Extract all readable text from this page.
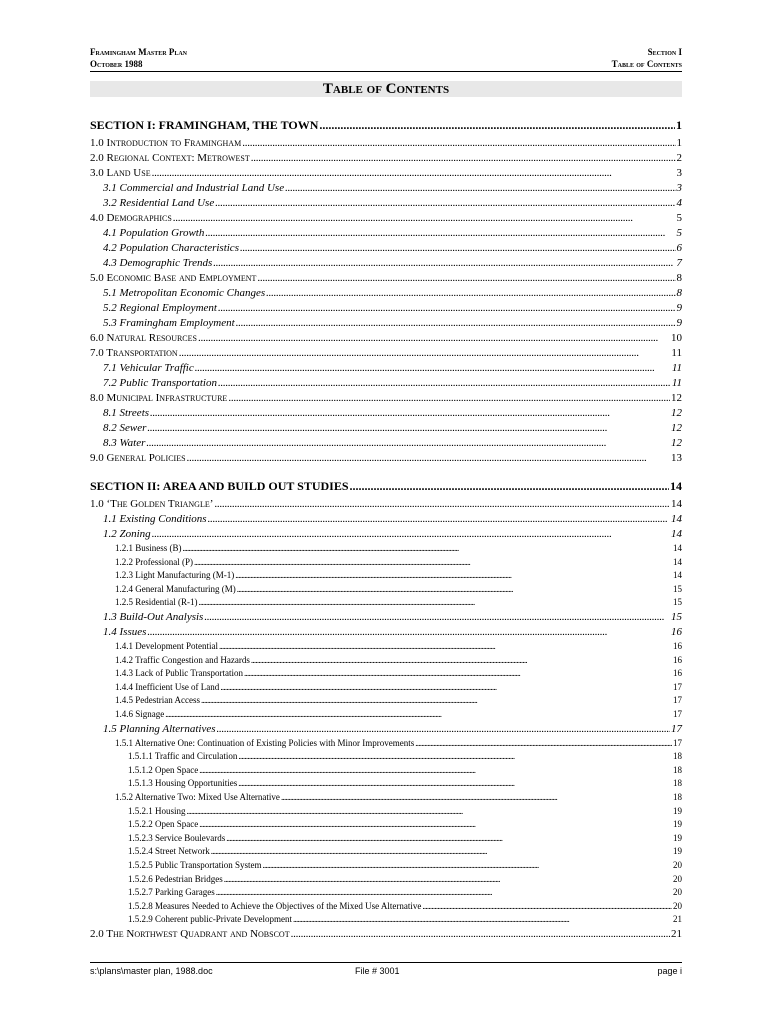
Framingham Master Plan
October 1988
Section I
Table of Contents
Table of Contents
SECTION I: FRAMINGHAM, THE TOWN . . .	1
1.0 Introduction to Framingham . . .	1
2.0 Regional Context: Metrowest . . .	2
3.0 Land Use . . .	3
3.1 Commercial and Industrial Land Use . . .	3
3.2 Residential Land Use . . .	4
4.0 Demographics . . .	5
4.1 Population Growth . . .	5
4.2 Population Characteristics . . .	6
4.3 Demographic Trends . . .	7
5.0 Economic Base and Employment . . .	8
5.1 Metropolitan Economic Changes . . .	8
5.2 Regional Employment . . .	9
5.3 Framingham Employment . . .	9
6.0 Natural Resources . . .	10
7.0 Transportation . . .	11
7.1 Vehicular Traffic . . .	11
7.2 Public Transportation . . .	11
8.0 Municipal Infrastructure . . .	12
8.1 Streets . . .	12
8.2 Sewer . . .	12
8.3 Water . . .	12
9.0 General Policies . . .	13
SECTION II: AREA AND BUILD OUT STUDIES . . .	14
1.0 ‘The Golden Triangle’ . . .	14
1.1 Existing Conditions . . .	14
1.2 Zoning . . .	14
1.2.1 Business (B) . . .	14
1.2.2 Professional (P) . . .	14
1.2.3 Light Manufacturing (M-1) . . .	14
1.2.4 General Manufacturing (M) . . .	15
1.2.5 Residential (R-1) . . .	15
1.3 Build-Out Analysis . . .	15
1.4 Issues . . .	16
1.4.1 Development Potential . . .	16
1.4.2 Traffic Congestion and Hazards . . .	16
1.4.3 Lack of Public Transportation . . .	16
1.4.4 Inefficient Use of Land . . .	17
1.4.5 Pedestrian Access . . .	17
1.4.6 Signage . . .	17
1.5 Planning Alternatives . . .	17
1.5.1 Alternative One: Continuation of Existing Policies with Minor Improvements . . .	17
1.5.1.1 Traffic and Circulation . . .	18
1.5.1.2 Open Space . . .	18
1.5.1.3 Housing Opportunities . . .	18
1.5.2 Alternative Two: Mixed Use Alternative . . .	18
1.5.2.1 Housing . . .	19
1.5.2.2 Open Space . . .	19
1.5.2.3 Service Boulevards . . .	19
1.5.2.4 Street Network . . .	19
1.5.2.5 Public Transportation System . . .	20
1.5.2.6 Pedestrian Bridges . . .	20
1.5.2.7 Parking Garages . . .	20
1.5.2.8 Measures Needed to Achieve the Objectives of the Mixed Use Alternative . . .	20
1.5.2.9 Coherent public-Private Development . . .	21
2.0 The Northwest Quadrant and Nobscot . . .	21
s:\plans\master plan, 1988.doc	File # 3001	page i
